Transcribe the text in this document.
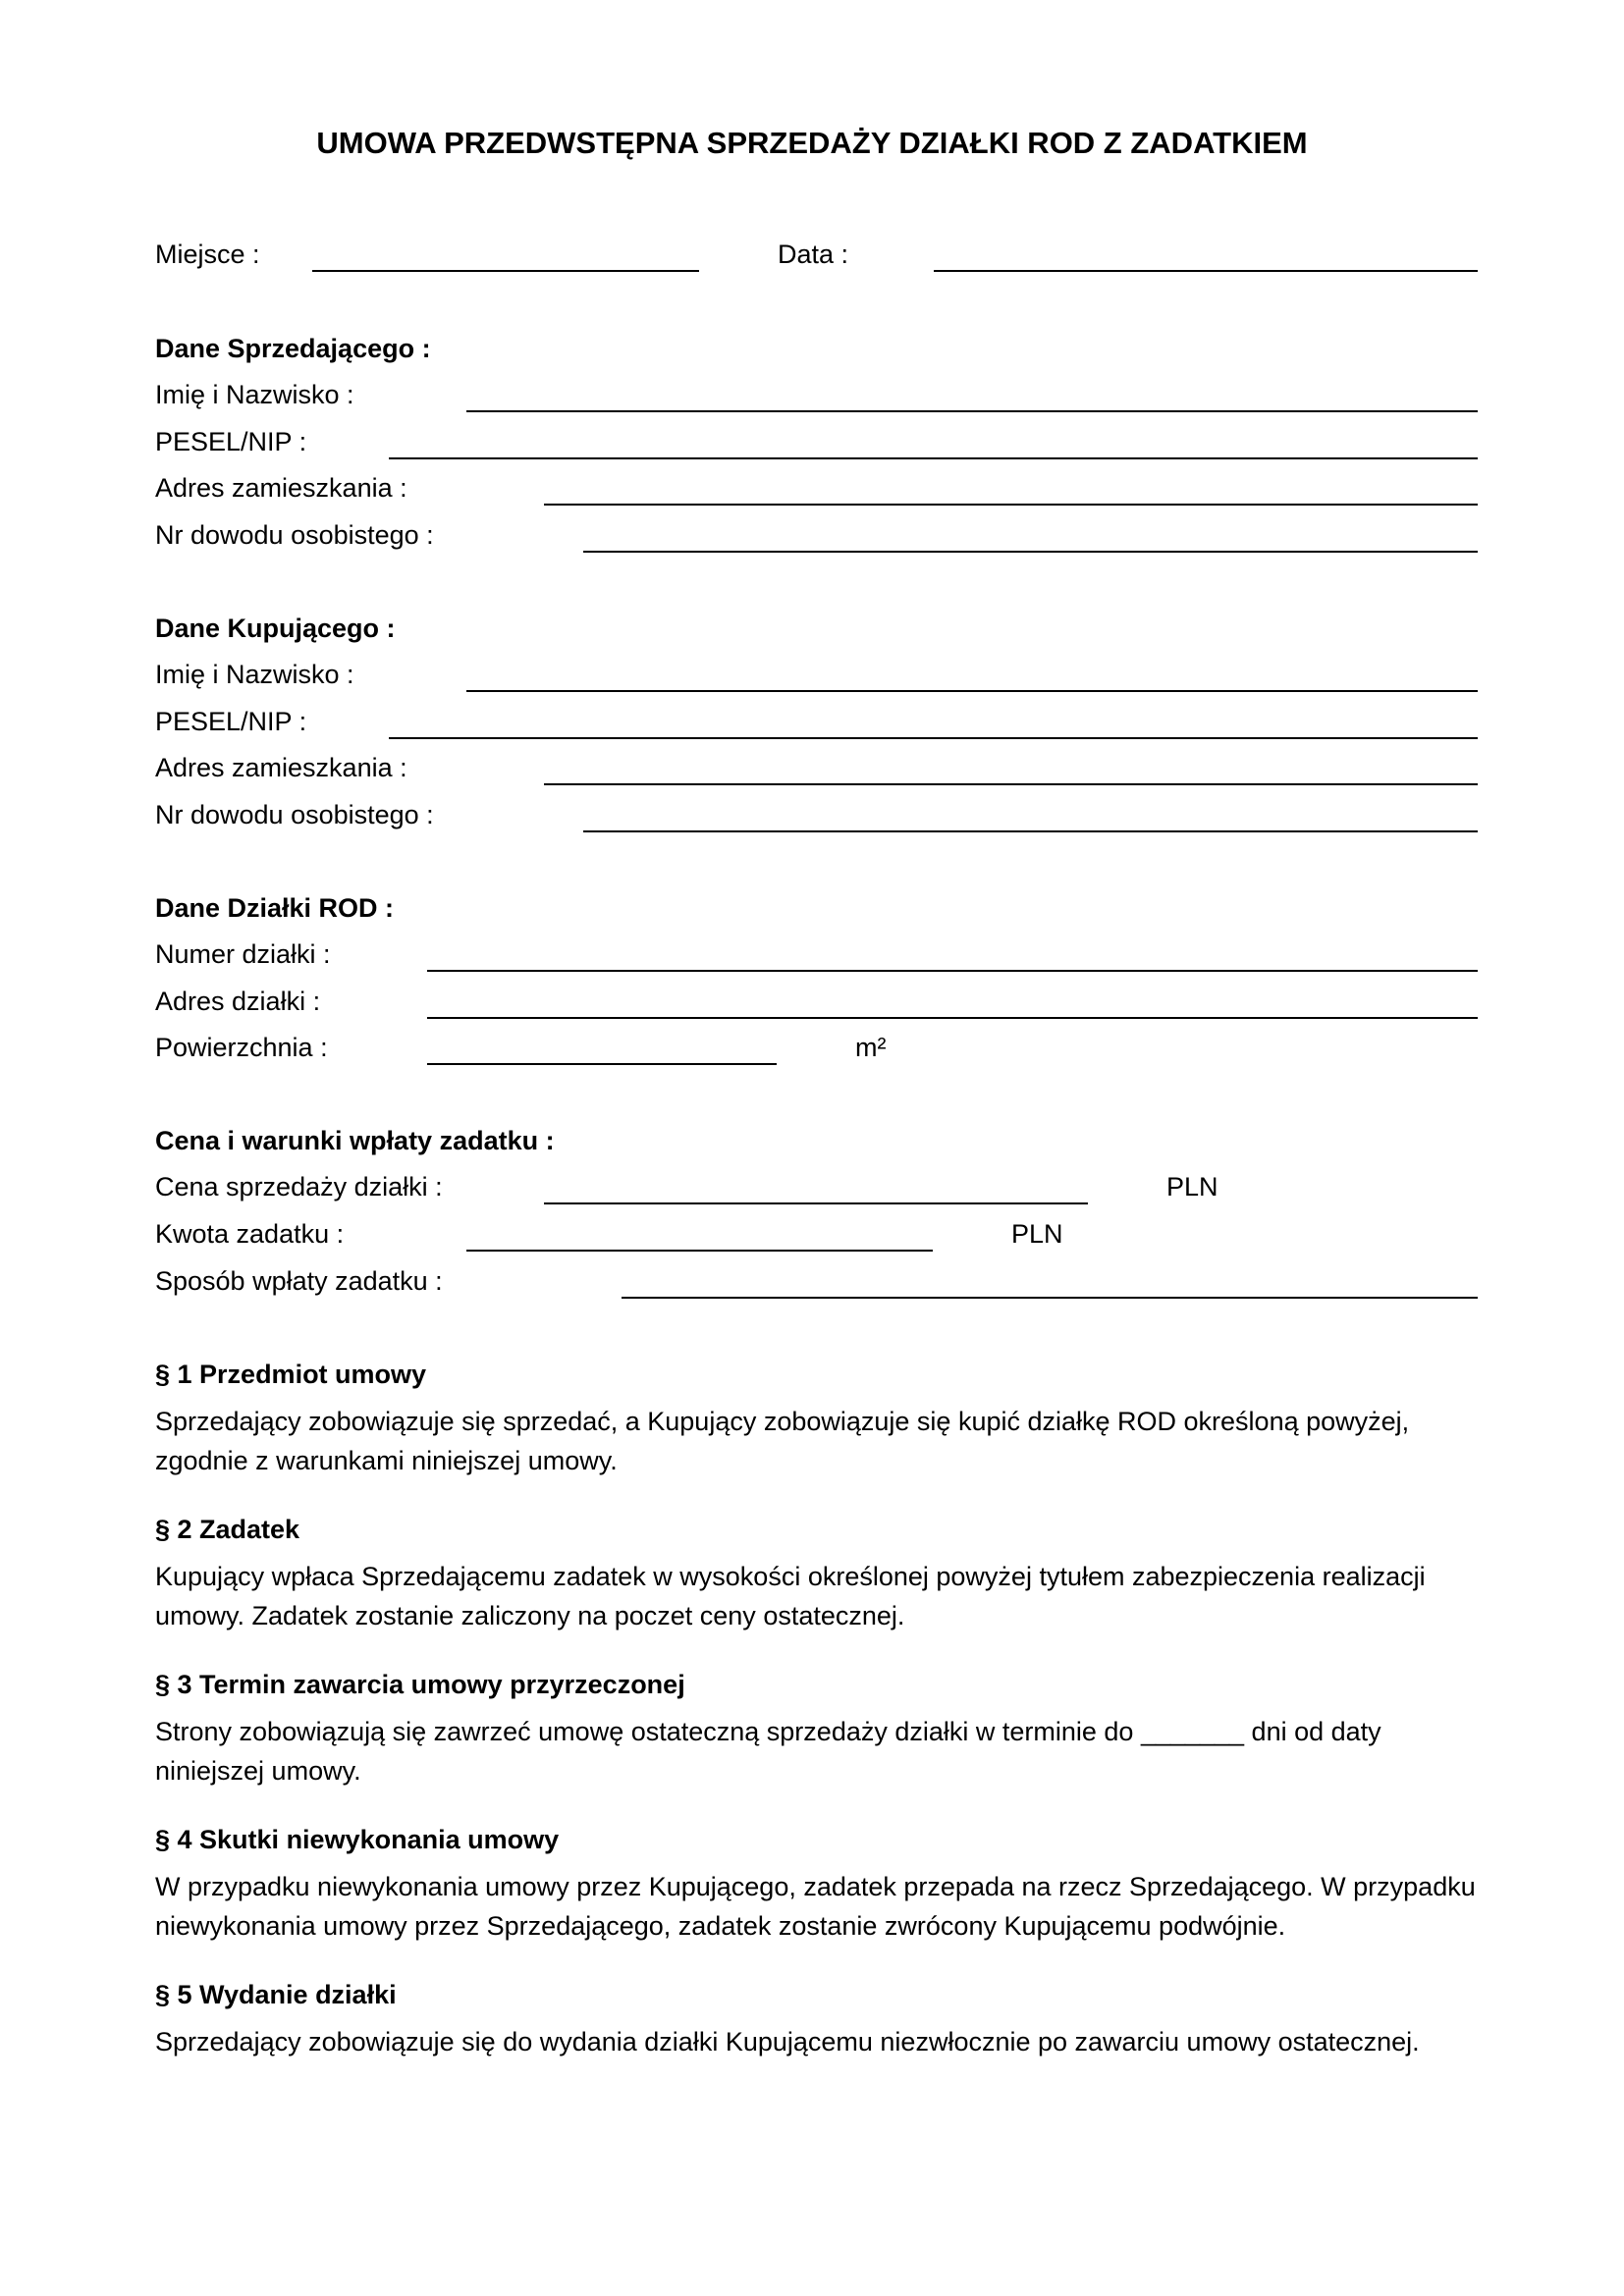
UMOWA PRZEDWSTĘPNA SPRZEDAŻY DZIAŁKI ROD Z ZADATKIEM
Miejsce :	Data :
Dane Sprzedającego :
Imię i Nazwisko :
PESEL/NIP :
Adres zamieszkania :
Nr dowodu osobistego :
Dane Kupującego :
Imię i Nazwisko :
PESEL/NIP :
Adres zamieszkania :
Nr dowodu osobistego :
Dane Działki ROD :
Numer działki :
Adres działki :
Powierzchnia :	m²
Cena i warunki wpłaty zadatku :
Cena sprzedaży działki :	PLN
Kwota zadatku :	PLN
Sposób wpłaty zadatku :
§ 1 Przedmiot umowy
Sprzedający zobowiązuje się sprzedać, a Kupujący zobowiązuje się kupić działkę ROD określoną powyżej, zgodnie z warunkami niniejszej umowy.
§ 2 Zadatek
Kupujący wpłaca Sprzedającemu zadatek w wysokości określonej powyżej tytułem zabezpieczenia realizacji umowy. Zadatek zostanie zaliczony na poczet ceny ostatecznej.
§ 3 Termin zawarcia umowy przyrzeczonej
Strony zobowiązują się zawrzeć umowę ostateczną sprzedaży działki w terminie do _______ dni od daty niniejszej umowy.
§ 4 Skutki niewykonania umowy
W przypadku niewykonania umowy przez Kupującego, zadatek przepada na rzecz Sprzedającego. W przypadku niewykonania umowy przez Sprzedającego, zadatek zostanie zwrócony Kupującemu podwójnie.
§ 5 Wydanie działki
Sprzedający zobowiązuje się do wydania działki Kupującemu niezwłocznie po zawarciu umowy ostatecznej.
